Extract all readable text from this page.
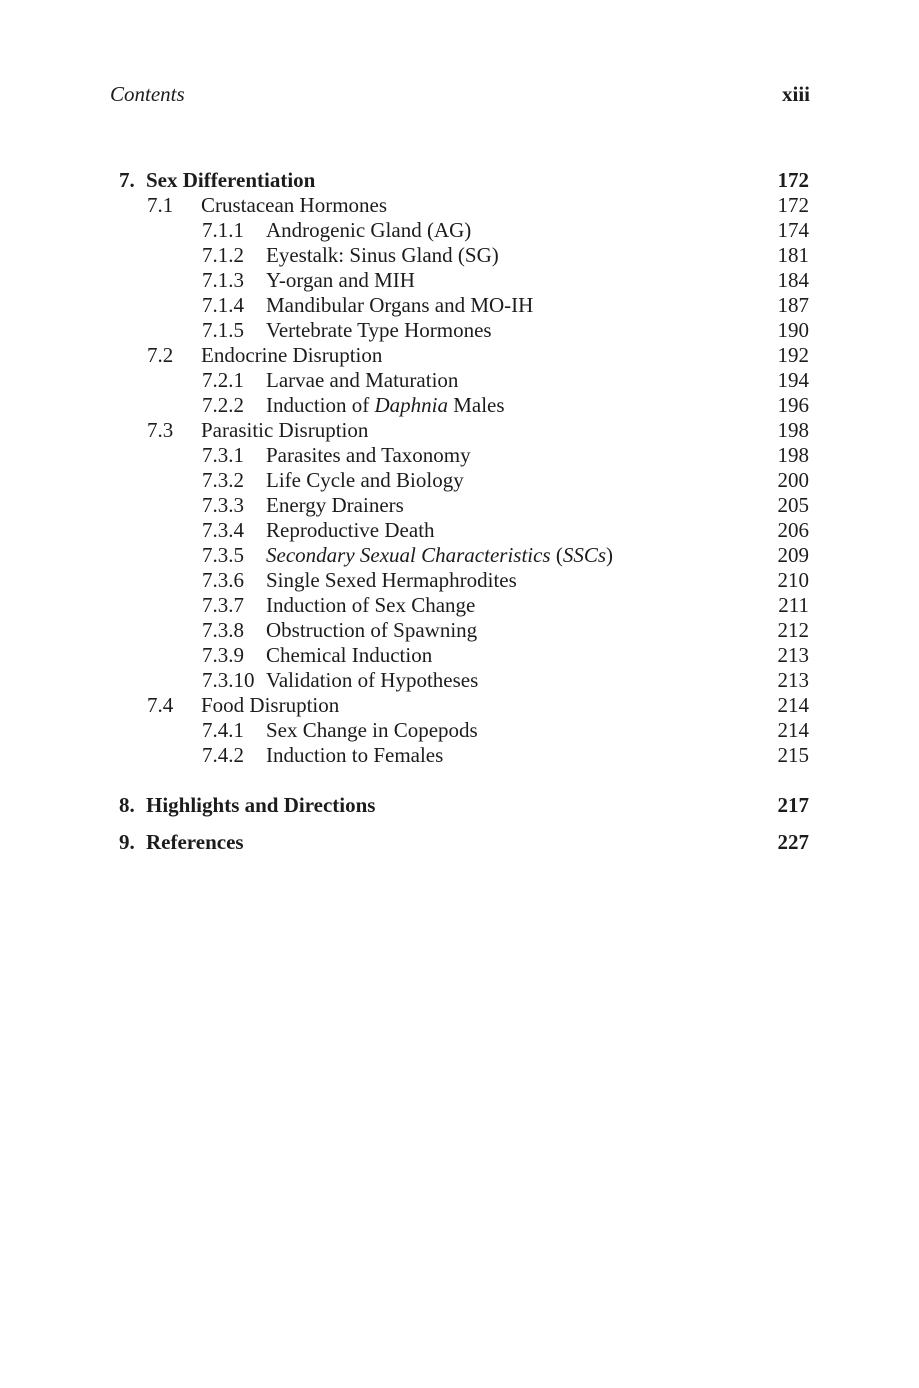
Contents	xiii
7. Sex Differentiation	172
7.1 Crustacean Hormones	172
7.1.1 Androgenic Gland (AG)	174
7.1.2 Eyestalk: Sinus Gland (SG)	181
7.1.3 Y-organ and MIH	184
7.1.4 Mandibular Organs and MO-IH	187
7.1.5 Vertebrate Type Hormones	190
7.2 Endocrine Disruption	192
7.2.1 Larvae and Maturation	194
7.2.2 Induction of Daphnia Males	196
7.3 Parasitic Disruption	198
7.3.1 Parasites and Taxonomy	198
7.3.2 Life Cycle and Biology	200
7.3.3 Energy Drainers	205
7.3.4 Reproductive Death	206
7.3.5 Secondary Sexual Characteristics (SSCs)	209
7.3.6 Single Sexed Hermaphrodites	210
7.3.7 Induction of Sex Change	211
7.3.8 Obstruction of Spawning	212
7.3.9 Chemical Induction	213
7.3.10 Validation of Hypotheses	213
7.4 Food Disruption	214
7.4.1 Sex Change in Copepods	214
7.4.2 Induction to Females	215
8. Highlights and Directions	217
9. References	227
